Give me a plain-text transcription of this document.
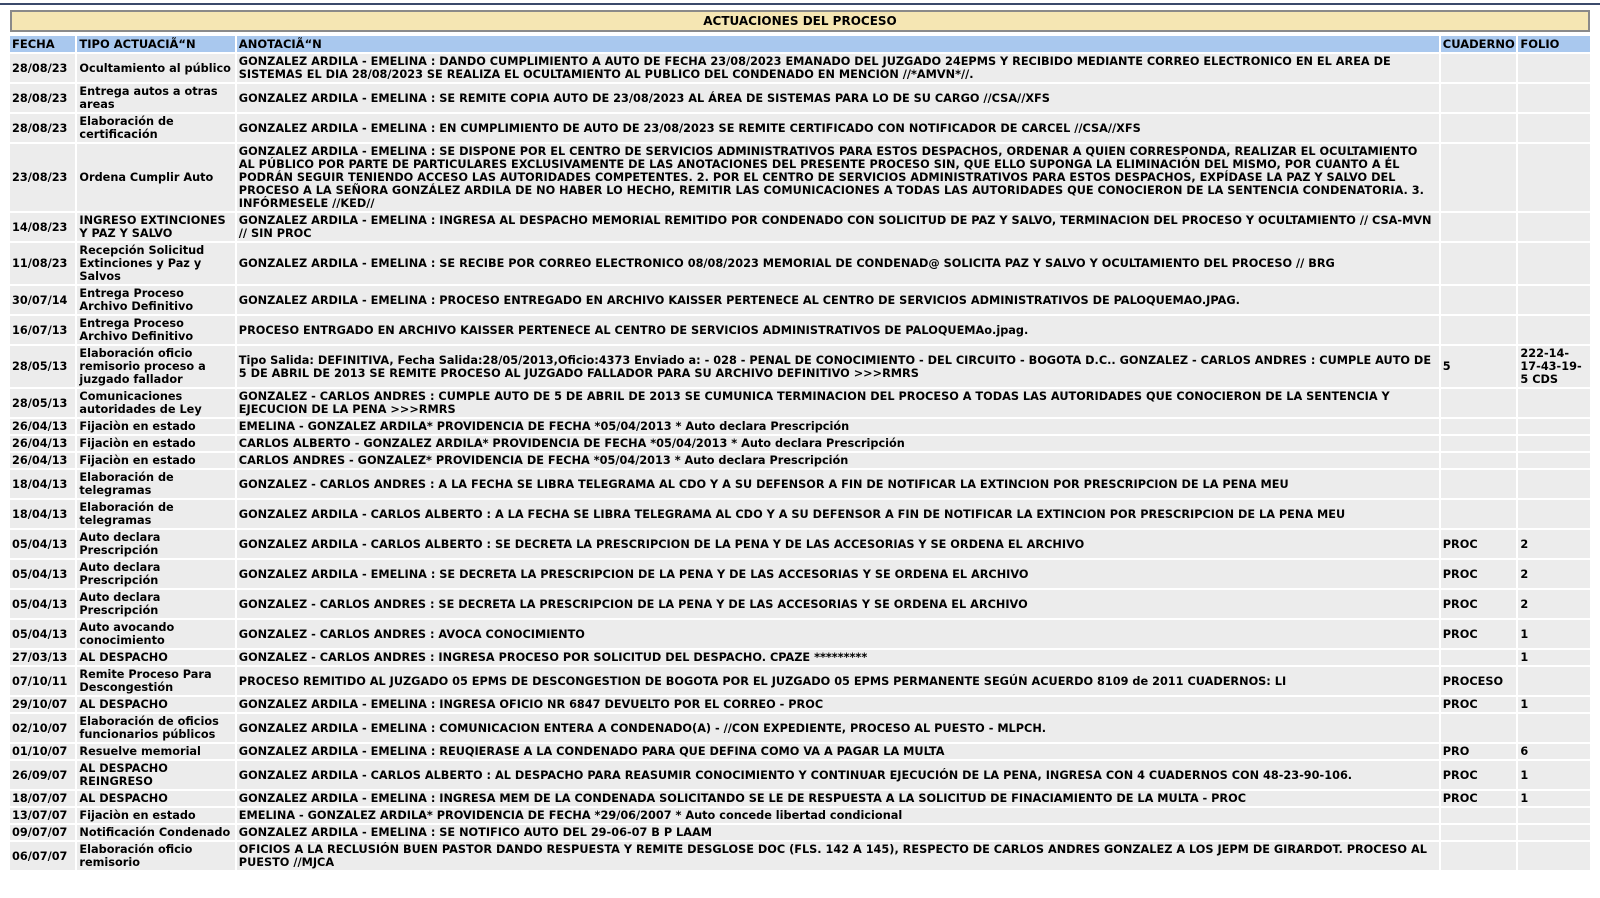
ACTUACIONES DEL PROCESO
FECHA	TIPO ACTUACIÃ“N	ANOTACIÃ“N	CUADERNO	FOLIO
28/08/23	Ocultamiento al público	GONZALEZ ARDILA - EMELINA : DANDO CUMPLIMIENTO A AUTO DE FECHA 23/08/2023 EMANADO DEL JUZGADO 24EPMS Y RECIBIDO MEDIANTE CORREO ELECTRONICO EN EL AREA DE SISTEMAS EL DIA 28/08/2023 SE REALIZA EL OCULTAMIENTO AL PUBLICO DEL CONDENADO EN MENCION //*AMVN*//.		
28/08/23	Entrega autos a otras areas	GONZALEZ ARDILA - EMELINA : SE REMITE COPIA AUTO DE 23/08/2023 AL ÁREA DE SISTEMAS PARA LO DE SU CARGO //CSA//XFS		
28/08/23	Elaboración de certificación	GONZALEZ ARDILA - EMELINA : EN CUMPLIMIENTO DE AUTO DE 23/08/2023 SE REMITE CERTIFICADO CON NOTIFICADOR DE CARCEL //CSA//XFS		
23/08/23	Ordena Cumplir Auto	GONZALEZ ARDILA - EMELINA : SE DISPONE POR EL CENTRO DE SERVICIOS ADMINISTRATIVOS PARA ESTOS DESPACHOS, ORDENAR A QUIEN CORRESPONDA, REALIZAR EL OCULTAMIENTO AL PÚBLICO POR PARTE DE PARTICULARES EXCLUSIVAMENTE DE LAS ANOTACIONES DEL PRESENTE PROCESO SIN, QUE ELLO SUPONGA LA ELIMINACIÓN DEL MISMO, POR CUANTO A ÉL PODRÁN SEGUIR TENIENDO ACCESO LAS AUTORIDADES COMPETENTES. 2. POR EL CENTRO DE SERVICIOS ADMINISTRATIVOS PARA ESTOS DESPACHOS, EXPÍDASE LA PAZ Y SALVO DEL PROCESO A LA SEÑORA GONZÁLEZ ARDILA DE NO HABER LO HECHO, REMITIR LAS COMUNICACIONES A TODAS LAS AUTORIDADES QUE CONOCIERON DE LA SENTENCIA CONDENATORIA. 3. INFÓRMESELE //KED//		
14/08/23	INGRESO EXTINCIONES Y PAZ Y SALVO	GONZALEZ ARDILA - EMELINA : INGRESA AL DESPACHO MEMORIAL REMITIDO POR CONDENADO CON SOLICITUD DE PAZ Y SALVO, TERMINACION DEL PROCESO Y OCULTAMIENTO // CSA-MVN // SIN PROC		
11/08/23	Recepción Solicitud Extinciones y Paz y Salvos	GONZALEZ ARDILA - EMELINA : SE RECIBE POR CORREO ELECTRONICO 08/08/2023 MEMORIAL DE CONDENAD@ SOLICITA PAZ Y SALVO Y OCULTAMIENTO DEL PROCESO // BRG		
30/07/14	Entrega Proceso Archivo Definitivo	GONZALEZ ARDILA - EMELINA : PROCESO ENTREGADO EN ARCHIVO KAISSER PERTENECE AL CENTRO DE SERVICIOS ADMINISTRATIVOS DE PALOQUEMAO.JPAG.		
16/07/13	Entrega Proceso Archivo Definitivo	PROCESO ENTRGADO EN ARCHIVO KAISSER PERTENECE AL CENTRO DE SERVICIOS ADMINISTRATIVOS DE PALOQUEMAo.jpag.		
28/05/13	Elaboración oficio remisorio proceso a juzgado fallador	Tipo Salida: DEFINITIVA, Fecha Salida:28/05/2013,Oficio:4373 Enviado a: - 028 - PENAL DE CONOCIMIENTO - DEL CIRCUITO - BOGOTA D.C.. GONZALEZ - CARLOS ANDRES : CUMPLE AUTO DE 5 DE ABRIL DE 2013 SE REMITE PROCESO AL JUZGADO FALLADOR PARA SU ARCHIVO DEFINITIVO >>>RMRS	5	222-14-17-43-19-5 CDS
28/05/13	Comunicaciones autoridades de Ley	GONZALEZ - CARLOS ANDRES : CUMPLE AUTO DE 5 DE ABRIL DE 2013 SE CUMUNICA TERMINACION DEL PROCESO A TODAS LAS AUTORIDADES QUE CONOCIERON DE LA SENTENCIA Y EJECUCION DE LA PENA >>>RMRS		
26/04/13	Fijaciòn en estado	EMELINA - GONZALEZ ARDILA* PROVIDENCIA DE FECHA *05/04/2013 * Auto declara Prescripción		
26/04/13	Fijaciòn en estado	CARLOS ALBERTO - GONZALEZ ARDILA* PROVIDENCIA DE FECHA *05/04/2013 * Auto declara Prescripción		
26/04/13	Fijaciòn en estado	CARLOS ANDRES - GONZALEZ* PROVIDENCIA DE FECHA *05/04/2013 * Auto declara Prescripción		
18/04/13	Elaboración de telegramas	GONZALEZ - CARLOS ANDRES : A LA FECHA SE LIBRA TELEGRAMA AL CDO Y A SU DEFENSOR A FIN DE NOTIFICAR LA EXTINCION POR PRESCRIPCION DE LA PENA MEU		
18/04/13	Elaboración de telegramas	GONZALEZ ARDILA - CARLOS ALBERTO : A LA FECHA SE LIBRA TELEGRAMA AL CDO Y A SU DEFENSOR A FIN DE NOTIFICAR LA EXTINCION POR PRESCRIPCION DE LA PENA MEU		
05/04/13	Auto declara Prescripción	GONZALEZ ARDILA - CARLOS ALBERTO : SE DECRETA LA PRESCRIPCION DE LA PENA Y DE LAS ACCESORIAS Y SE ORDENA EL ARCHIVO	PROC	2
05/04/13	Auto declara Prescripción	GONZALEZ ARDILA - EMELINA : SE DECRETA LA PRESCRIPCION DE LA PENA Y DE LAS ACCESORIAS Y SE ORDENA EL ARCHIVO	PROC	2
05/04/13	Auto declara Prescripción	GONZALEZ - CARLOS ANDRES : SE DECRETA LA PRESCRIPCION DE LA PENA Y DE LAS ACCESORIAS Y SE ORDENA EL ARCHIVO	PROC	2
05/04/13	Auto avocando conocimiento	GONZALEZ - CARLOS ANDRES : AVOCA CONOCIMIENTO	PROC	1
27/03/13	AL DESPACHO	GONZALEZ - CARLOS ANDRES : INGRESA PROCESO POR SOLICITUD DEL DESPACHO. CPAZE *********		1
07/10/11	Remite Proceso Para Descongestión	PROCESO REMITIDO AL JUZGADO 05 EPMS DE DESCONGESTION DE BOGOTA POR EL JUZGADO 05 EPMS PERMANENTE SEGÚN ACUERDO 8109 de 2011 CUADERNOS: LI	PROCESO	
29/10/07	AL DESPACHO	GONZALEZ ARDILA - EMELINA : INGRESA OFICIO NR 6847 DEVUELTO POR EL CORREO - PROC	PROC	1
02/10/07	Elaboración de oficios funcionarios públicos	GONZALEZ ARDILA - EMELINA : COMUNICACION ENTERA A CONDENADO(A) - //CON EXPEDIENTE, PROCESO AL PUESTO - MLPCH.		
01/10/07	Resuelve memorial	GONZALEZ ARDILA - EMELINA : REUQIERASE A LA CONDENADO PARA QUE DEFINA COMO VA A PAGAR LA MULTA	PRO	6
26/09/07	AL DESPACHO REINGRESO	GONZALEZ ARDILA - CARLOS ALBERTO : AL DESPACHO PARA REASUMIR CONOCIMIENTO Y CONTINUAR EJECUCIÓN DE LA PENA, INGRESA CON 4 CUADERNOS CON 48-23-90-106.	PROC	1
18/07/07	AL DESPACHO	GONZALEZ ARDILA - EMELINA : INGRESA MEM DE LA CONDENADA SOLICITANDO SE LE DE RESPUESTA A LA SOLICITUD DE FINACIAMIENTO DE LA MULTA - PROC	PROC	1
13/07/07	Fijaciòn en estado	EMELINA - GONZALEZ ARDILA* PROVIDENCIA DE FECHA *29/06/2007 * Auto concede libertad condicional		
09/07/07	Notificación Condenado	GONZALEZ ARDILA - EMELINA : SE NOTIFICO AUTO DEL 29-06-07 B P LAAM		
06/07/07	Elaboración oficio remisorio	OFICIOS A LA RECLUSIÓN BUEN PASTOR DANDO RESPUESTA Y REMITE DESGLOSE DOC (FLS. 142 A 145), RESPECTO DE CARLOS ANDRES GONZALEZ A LOS JEPM DE GIRARDOT. PROCESO AL PUESTO //MJCA		
